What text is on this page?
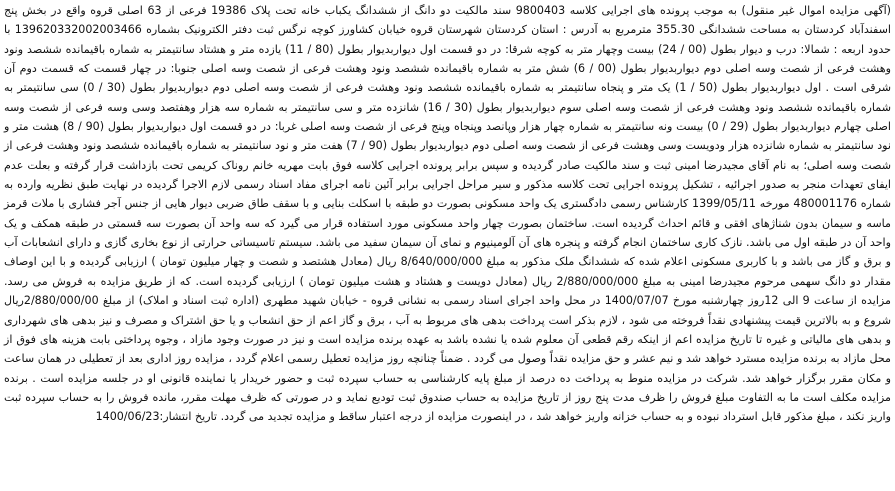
(آگهی مزایده اموال غیر منقول) به موجب پرونده های اجرایی کلاسه 9800403 سند مالکیت دو دانگ از ششدانگ یکباب خانه تحت پلاک 19386 فرعی از 63 اصلی قروه واقع در بخش پنج اسفندآباد کردستان به مساحت ششدانگی 355.30 مترمربع به آدرس : استان کردستان شهرستان قروه خیابان کشاورز کوچه نرگس ثبت دفتر الکترونیک بشماره 139620332002003466 با حدود اربعه : شمالا: درب و دیوار بطول (00 / 24) بیست وچهار متر به کوچه شرقا: در دو قسمت اول دیواربدیوار بطول (80 / 11) یازده متر و هشتاد سانتیمتر به شماره باقیمانده ششصد ونود وهشت فرعی از شصت وسه اصلی دوم دیواربدیوار بطول (00 / 6) شش متر به شماره باقیمانده ششصد ونود وهشت فرعی از شصت وسه اصلی جنوبا: در چهار قسمت که قسمت دوم آن شرقی است . اول دیواربدیوار بطول (50 / 1) یک متر و پنجاه سانتیمتر به شماره باقیمانده ششصد ونود وهشت فرعی از شصت وسه اصلی دوم دیواربدیوار بطول (30 / 0) سی سانتیمتر به شماره باقیمانده ششصد ونود وهشت فرعی از شصت وسه اصلی سوم دیواربدیوار بطول (30 / 16) شانزده متر و سی سانتیمتر به شماره سه هزار وهفتصد وسی وسه فرعی از شصت وسه اصلی چهارم دیواربدیوار بطول (29 / 0) بیست ونه سانتیمتر به شماره چهار هزار وپانصد وپنجاه وپنج فرعی از شصت وسه اصلی غربا: در دو قسمت اول دیواربدیوار بطول (90 / 8) هشت متر و نود سانتیمتر به شماره شانزده هزار ودویست وسی وهشت فرعی از شصت وسه اصلی دوم دیواربدیوار بطول (90 / 7) هفت متر و نود سانتیمتر به شماره باقیمانده ششصد ونود وهشت فرعی از شصت وسه اصلی؛ به نام آقای مجیدرضا امینی ثبت و سند مالکیت صادر گردیده و سپس برابر پرونده اجرایی کلاسه فوق بابت مهریه خانم روناک کریمی تحت بازداشت قرار گرفته و بعلت عدم ایفای تعهدات منجر به صدور اجرائیه ، تشکیل پرونده اجرایی تحت کلاسه مذکور و سیر مراحل اجرایی برابر آئین نامه اجرای مفاد اسناد رسمی لازم الاجرا گردیده در نهایت طبق نظریه وارده به شماره 480001176 مورخه 1399/05/11 کارشناس رسمی دادگستری یک واحد مسکونی بصورت دو طبقه با اسکلت بنایی و با سقف طاق ضربی دیوار هایی از جنس آجر فشاری با ملات قرمز ماسه و سیمان بدون شناژهای افقی و قائم احداث گردیده است. ساختمان بصورت چهار واحد مسکونی مورد استفاده قرار می گیرد که سه واحد آن بصورت سه قسمتی در طبقه همکف و یک واحد آن در طبقه اول می باشد. نازک کاری ساختمان انجام گرفته و پنجره های آن آلومینیوم و نمای آن سیمان سفید می باشد. سیستم تاسیساتی حرارتی از نوع بخاری گازی و دارای انشعابات آب و برق و گاز می باشد و با کاربری مسکونی اعلام شده که ششدانگ ملک مذکور به مبلغ 8/640/000/000 ریال (معادل هشتصد و شصت و چهار میلیون تومان ) ارزیابی گردیده و با این اوصاف مقدار دو دانگ سهمی مرحوم مجیدرضا امینی به مبلغ 2/880/000/000 ریال (معادل دویست و هشتاد و هشت میلیون تومان ) ارزیابی گردیده است. که از طریق مزایده به فروش می رسد. مزایده از ساعت 9 الی 12روز چهارشنبه مورخ 1400/07/07 در محل واحد اجرای اسناد رسمی به نشانی قروه - خیابان شهید مطهری (اداره ثبت اسناد و املاک) از مبلغ 2/880/000/00ریال شروع و به بالاترین قیمت پیشنهادی نقداً فروخته می شود ، لازم بذکر است پرداخت بدهی های مربوط به آب ، برق و گاز اعم از حق انشعاب و یا حق اشتراک و مصرف و نیز بدهی های شهرداری و بدهی های مالیاتی و غیره تا تاریخ مزایده اعم از اینکه رقم قطعی آن معلوم شده یا نشده باشد به عهده برنده مزایده است و نیز در صورت وجود مازاد ، وجوه پرداختی بابت هزینه های فوق از محل مازاد به برنده مزایده مسترد خواهد شد و نیم عشر و حق مزایده نقداً وصول می گردد . ضمناً چنانچه روز مزایده تعطیل رسمی اعلام گردد ، مزایده روز اداری بعد از تعطیلی در همان ساعت و مکان مقرر برگزار خواهد شد. شرکت در مزایده منوط به پرداخت ده درصد از مبلغ پایه کارشناسی به حساب سپرده ثبت و حضور خریدار یا نماینده قانونی او در جلسه مزایده است . برنده مزایده مکلف است ما به التفاوت مبلغ فروش را ظرف مدت پنج روز از تاریخ مزایده به حساب صندوق ثبت تودیع نماید و در صورتی که ظرف مهلت مقرر، مانده فروش را به حساب سپرده ثبت واریز نکند ، مبلغ مذکور قابل استرداد نبوده و به حساب خزانه واریز خواهد شد ، در اینصورت مزایده از درجه اعتبار ساقط و مزایده تجدید می گردد. تاریخ انتشار:1400/06/23
